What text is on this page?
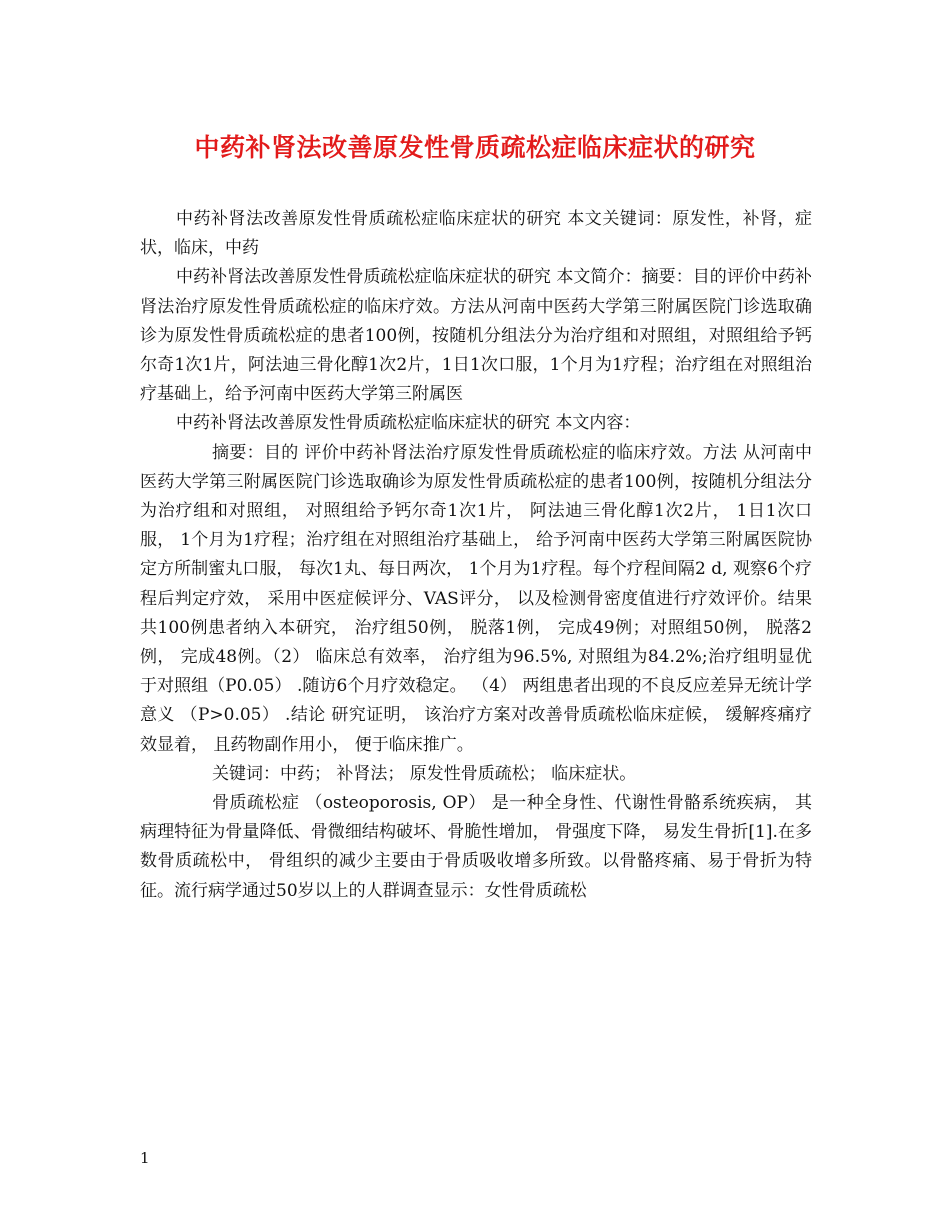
中药补肾法改善原发性骨质疏松症临床症状的研究

中药补肾法改善原发性骨质疏松症临床症状的研究 本文关键词：原发性，补肾，症状，临床，中药

中药补肾法改善原发性骨质疏松症临床症状的研究 本文简介：摘要：目的评价中药补肾法治疗原发性骨质疏松症的临床疗效。方法从河南中医药大学第三附属医院门诊选取确诊为原发性骨质疏松症的患者100例，按随机分组法分为治疗组和对照组，对照组给予钙尔奇1次1片，阿法迪三骨化醇1次2片，1日1次口服，1个月为1疗程；治疗组在对照组治疗基础上，给予河南中医药大学第三附属医

中药补肾法改善原发性骨质疏松症临床症状的研究 本文内容：

摘要：目的 评价中药补肾法治疗原发性骨质疏松症的临床疗效。方法 从河南中医药大学第三附属医院门诊选取确诊为原发性骨质疏松症的患者100例，按随机分组法分为治疗组和对照组， 对照组给予钙尔奇1次1片， 阿法迪三骨化醇1次2片， 1日1次口服， 1个月为1疗程；治疗组在对照组治疗基础上， 给予河南中医药大学第三附属医院协定方所制蜜丸口服， 每次1丸、每日两次， 1个月为1疗程。每个疗程间隔2 d, 观察6个疗程后判定疗效， 采用中医症候评分、VAS评分， 以及检测骨密度值进行疗效评价。结果 共100例患者纳入本研究， 治疗组50例， 脱落1例， 完成49例；对照组50例， 脱落2例， 完成48例。（2） 临床总有效率， 治疗组为96.5%, 对照组为84.2%;治疗组明显优于对照组（P0.05） .随访6个月疗效稳定。 （4） 两组患者出现的不良反应差异无统计学意义 （P>0.05） .结论 研究证明， 该治疗方案对改善骨质疏松临床症候， 缓解疼痛疗效显着， 且药物副作用小， 便于临床推广。

关键词：中药； 补肾法； 原发性骨质疏松； 临床症状。

骨质疏松症 （osteoporosis, OP） 是一种全身性、代谢性骨骼系统疾病， 其病理特征为骨量降低、骨微细结构破坏、骨脆性增加， 骨强度下降， 易发生骨折[1].在多数骨质疏松中， 骨组织的减少主要由于骨质吸收增多所致。以骨骼疼痛、易于骨折为特征。流行病学通过50岁以上的人群调查显示：女性骨质疏松

1
